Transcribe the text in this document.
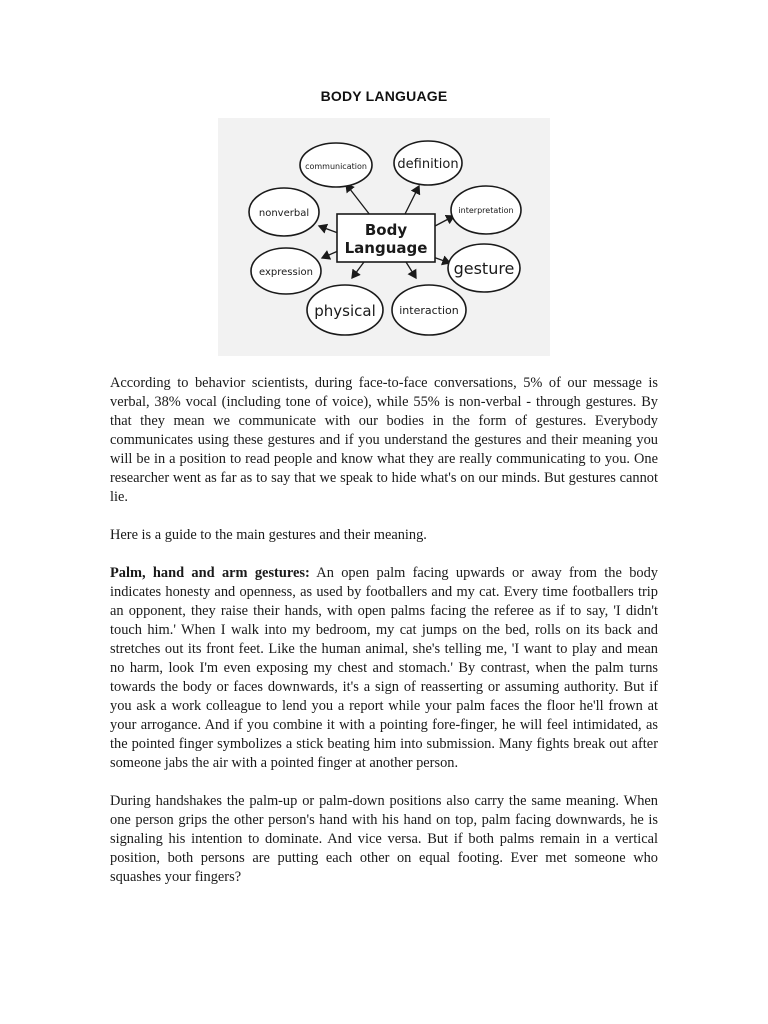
BODY LANGUAGE
Body
Language
communication definition
nonverbal	interpretation
expression	gesture
physical interaction

According to behavior scientists, during face-to-face conversations, 5% of our message is verbal, 38% vocal (including tone of voice), while 55% is non-verbal - through gestures. By that they mean we communicate with our bodies in the form of gestures. Everybody communicates using these gestures and if you understand the gestures and their meaning you will be in a position to read people and know what they are really communicating to you. One researcher went as far as to say that we speak to hide what's on our minds. But gestures cannot lie.

Here is a guide to the main gestures and their meaning.

Palm, hand and arm gestures: An open palm facing upwards or away from the body indicates honesty and openness, as used by footballers and my cat. Every time footballers trip an opponent, they raise their hands, with open palms facing the referee as if to say, 'I didn't touch him.' When I walk into my bedroom, my cat jumps on the bed, rolls on its back and stretches out its front feet. Like the human animal, she's telling me, 'I want to play and mean no harm, look I'm even exposing my chest and stomach.' By contrast, when the palm turns towards the body or faces downwards, it's a sign of reasserting or assuming authority. But if you ask a work colleague to lend you a report while your palm faces the floor he'll frown at your arrogance. And if you combine it with a pointing fore-finger, he will feel intimidated, as the pointed finger symbolizes a stick beating him into submission. Many fights break out after someone jabs the air with a pointed finger at another person.

During handshakes the palm-up or palm-down positions also carry the same meaning. When one person grips the other person's hand with his hand on top, palm facing downwards, he is signaling his intention to dominate. And vice versa. But if both palms remain in a vertical position, both persons are putting each other on equal footing. Ever met someone who squashes your fingers?
